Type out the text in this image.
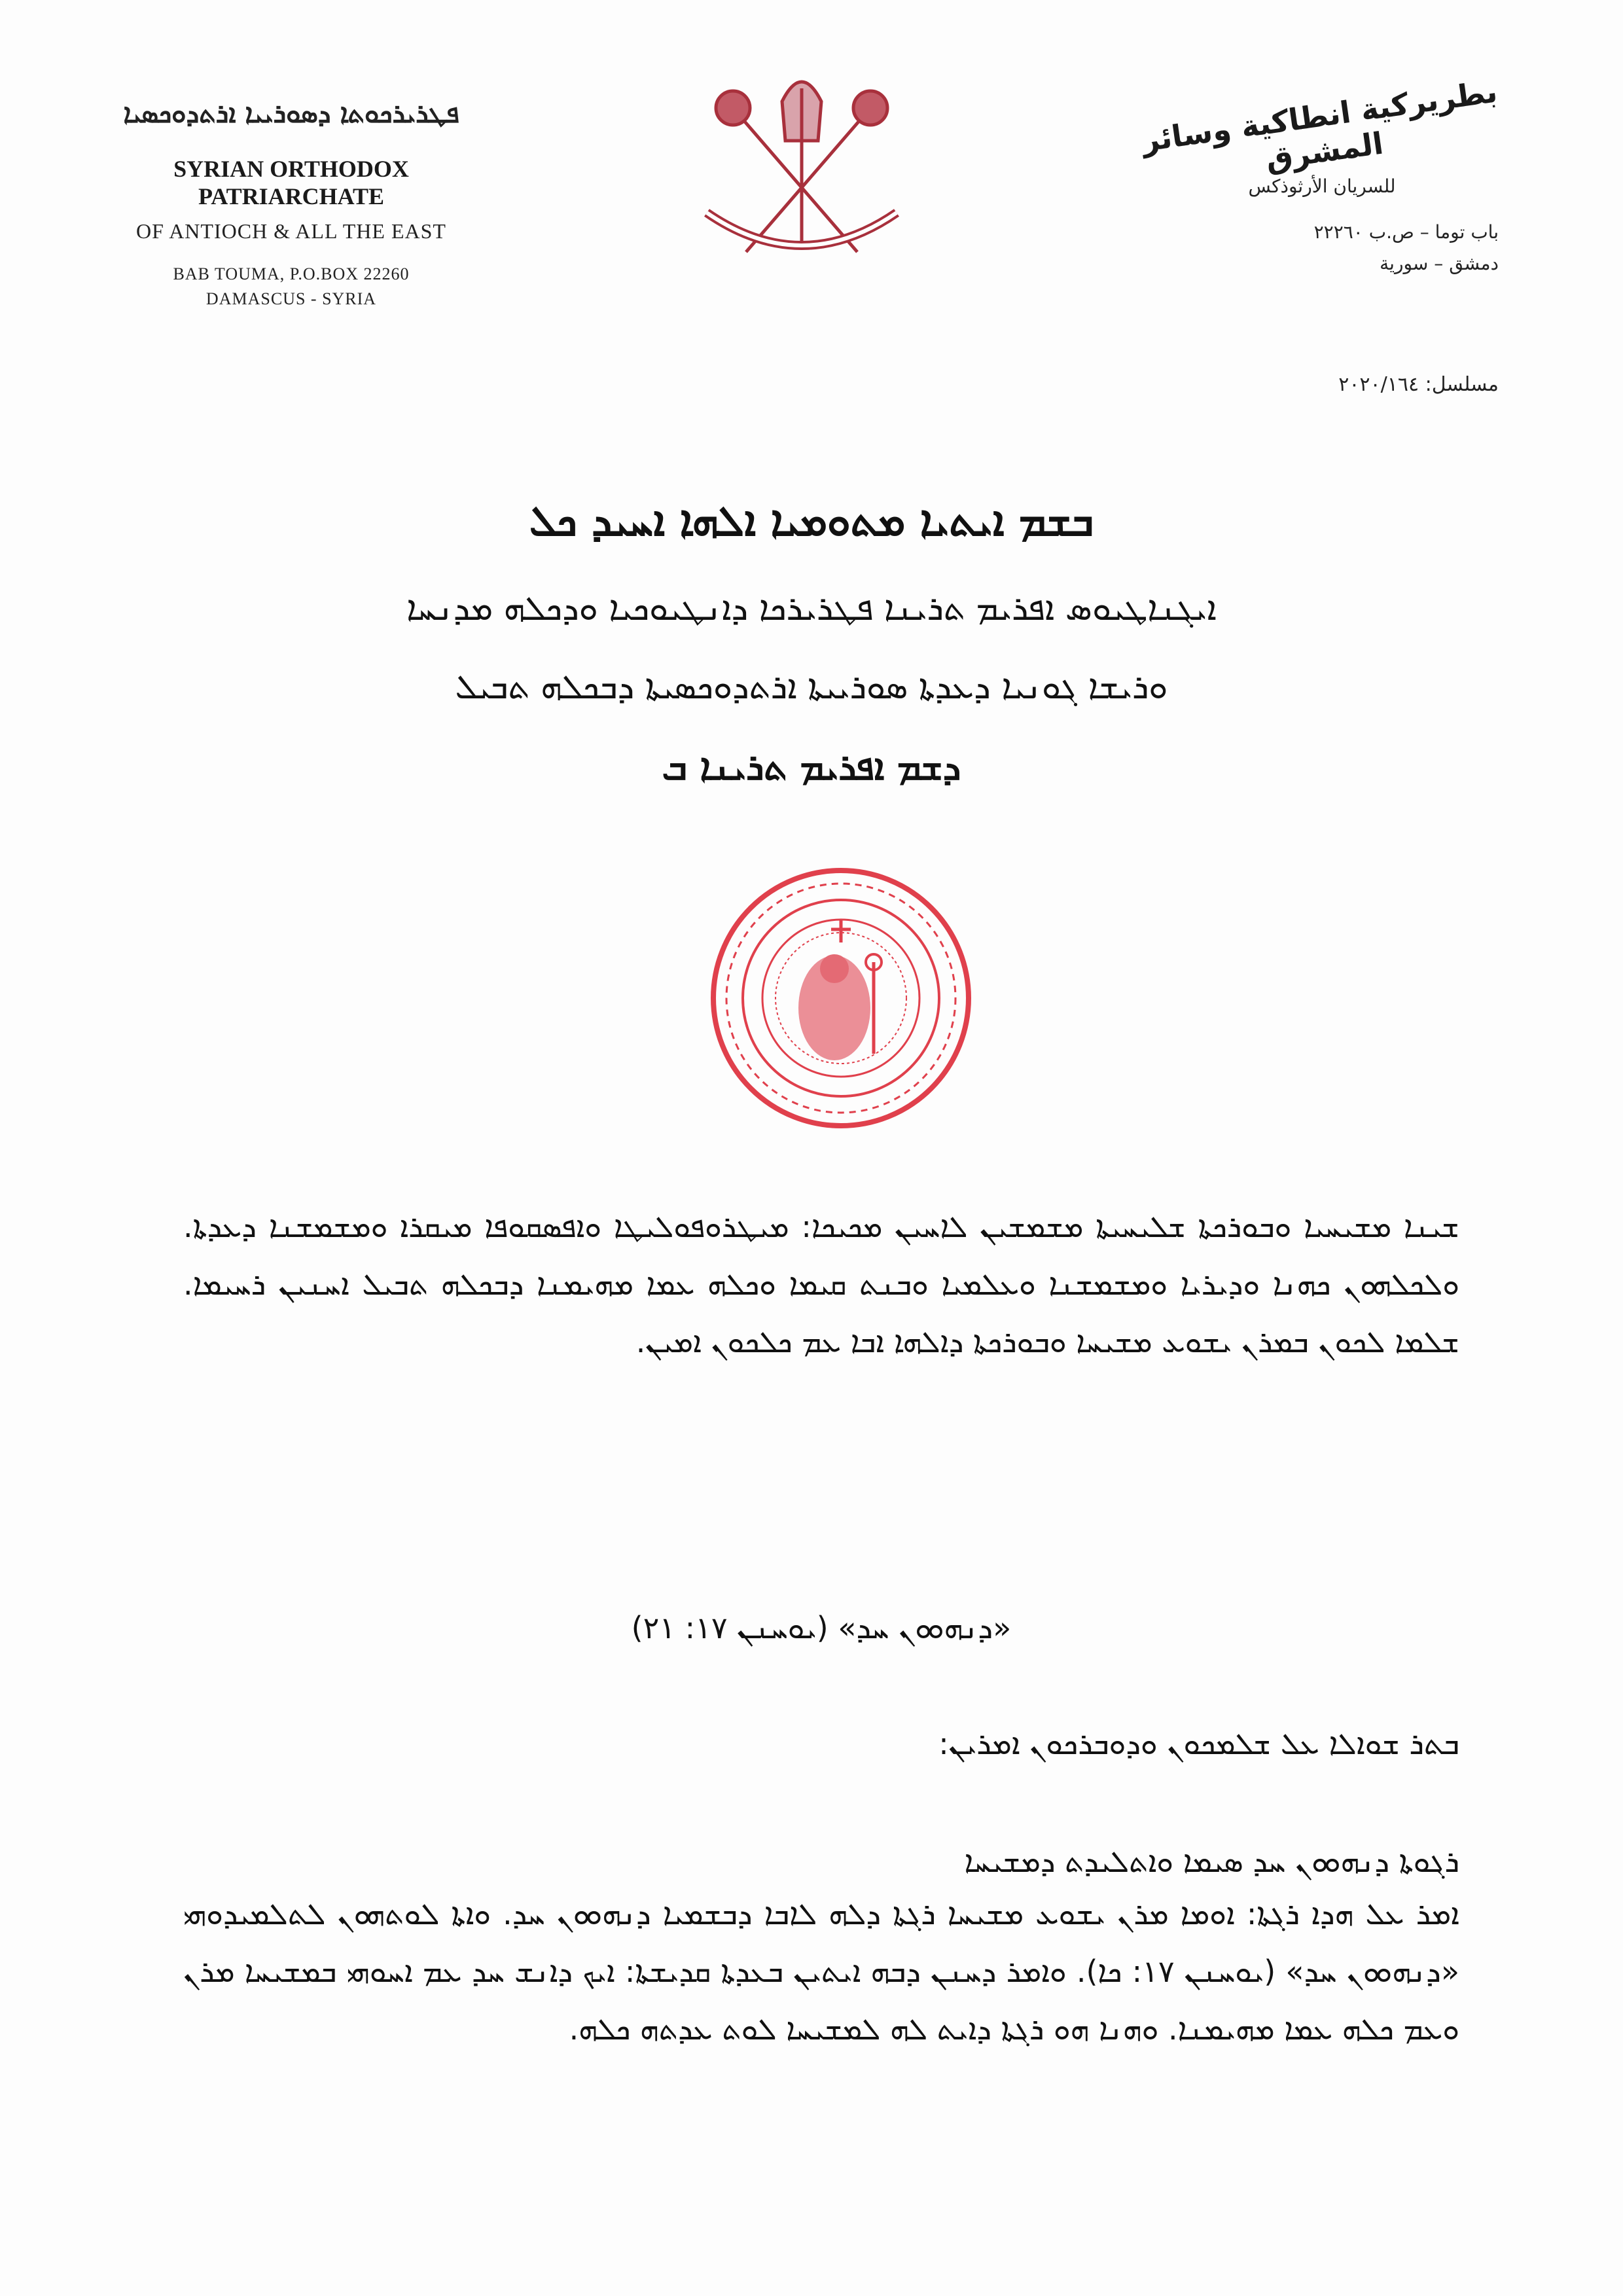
ܦܛܪܝܪܟܘܬܐ ܕܣܘܪܝܝܐ ܐܪܬܕܘܟܣܝܐ
SYRIAN ORTHODOX PATRIARCHATE
OF ANTIOCH & ALL THE EAST
BAB TOUMA, P.O.BOX 22260
DAMASCUS - SYRIA
بطريركية انطاكية وسائر المشرق
للسريان الأرثوذكس
باب توما – ص.ب ٢٢٢٦٠
دمشق – سورية
مسلسل: ٢٠٢٠/١٦٤
ܒܫܡ ܐܝܬܝܐ ܡܬܘܡܝܐ ܐܠܗܐ ܐܚܝܕ ܟܠ
ܐܝܓܢܐܛܝܘܣ ܐܦܪܝܡ ܬܪܝܢܐ ܦܛܪܝܪܟܐ ܕܐܢܛܝܘܟܝܐ ܘܕܟܠܗ ܡܕܢܚܐ
ܘܪܝܫܐ ܓܘܢܝܐ ܕܥܕܬܐ ܣܘܪܝܝܬܐ ܐܪܬܕܘܟܣܝܬܐ ܕܒܟܠܗ ܬܒܝܠ
ܕܫܡ ܐܦܪܝܡ ܬܪܝܢܐ ܒ
ܫܝܢܐ ܡܫܝܚܝܐ ܘܒܘܪܟܬܐ ܫܠܝܚܝܬܐ ܡܫܡܫܝܢ ܠܐܚܝܢ ܡܟܝܟܐ: ܡܝܛܪܘܦܘܠܝܛܐ ܘܐܦܣܩܘܦܐ ܡܝܩܪܐ ܘܡܫܡܫܢܐ ܕܥܕܬܐ. ܘܠܟܠܗܘܢ ܟܗܢܐ ܘܕܝܪܝܐ ܘܡܫܡܫܢܐ ܘܥܠܡܝܐ ܘܒܢܬ ܩܝܡܐ ܘܟܠܗ ܥܡܐ ܡܗܝܡܢܐ ܕܒܟܠܗ ܬܒܝܠ ܐܚܢܝܢ ܪܚܝܡܐ. ܫܠܡܐ ܠܟܘܢ ܒܡܪܢ ܝܫܘܥ ܡܫܝܚܐ ܘܒܘܪܟܬܐ ܕܐܠܗܐ ܐܒܐ ܥܡ ܟܠܟܘܢ ܐܡܝܢ.
«ܕܢܗܘܘܢ ܚܕ» (ܝܘܚܢܢ ١٧: ٢١)
ܒܬܪ ܫܘܐܠܐ ܥܠ ܫܠܡܟܘܢ ܘܕܘܒܪܟܘܢ ܐܡܪܝܢ:
ܪܓܘܬܐ ܕܢܗܘܘܢ ܚܕ ܣܝܡܐ ܘܐܬܠܝܕܬ ܕܡܫܝܚܐ
ܐܡܪ ܥܠ ܗܕܐ ܪܓܬܐ: ܐܘܡܐ ܡܪܢ ܝܫܘܥ ܡܫܝܚܐ ܪܓܬܐ ܕܠܗ ܠܐܒܐ ܕܒܫܡܝܐ ܕܢܗܘܘܢ ܚܕ. ܘܐܬܐ ܠܘܬܗܘܢ ܠܬܠܡܝܕܘܗܝ «ܕܢܗܘܘܢ ܚܕ» (ܝܘܚܢܢ ١٧: ܟܐ). ܘܐܡܪ ܕܚܢܢ ܕܒܗ ܐܝܬܝܢ ܒܥܕܬܐ ܩܕܝܫܬܐ: ܐܝܟ ܕܐܢܫ ܚܕ ܥܡ ܐܚܘܗܝ ܒܡܫܝܚܐ ܡܪܢ ܘܥܡ ܟܠܗ ܥܡܐ ܡܗܝܡܢܐ. ܘܗܢܐ ܗܘ ܪܓܬܐ ܕܐܝܬ ܠܗ ܠܡܫܝܚܐ ܠܘܬ ܥܕܬܗ ܟܠܗ.
